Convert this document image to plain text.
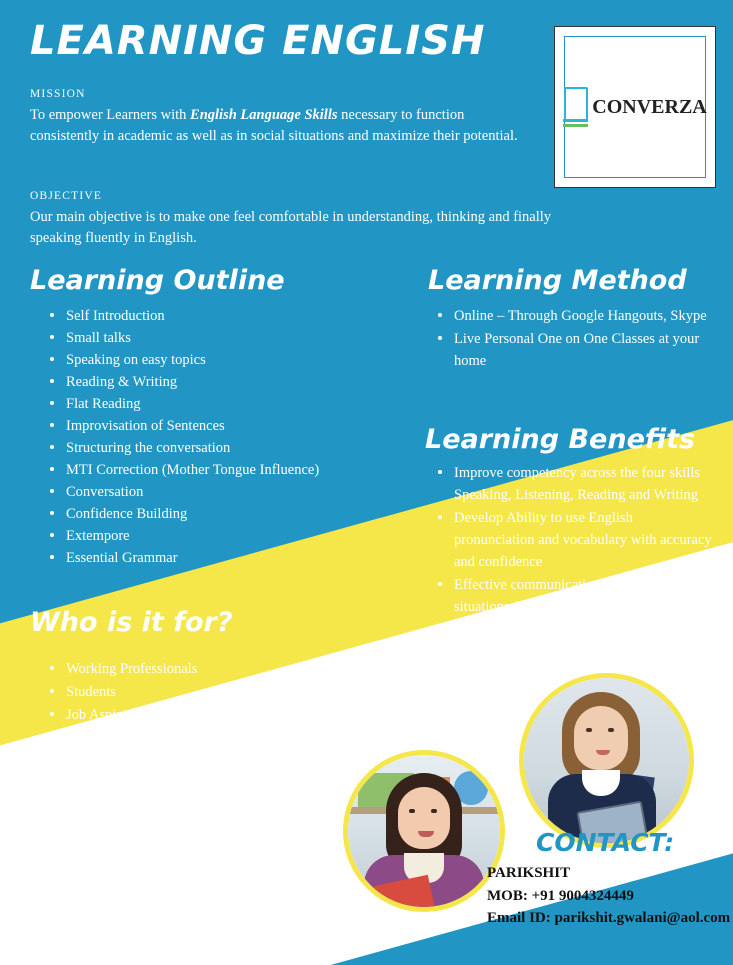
LEARNING ENGLISH
CONVERZA
MISSION
To empower Learners with English Language Skills necessary to function consistently in academic as well as in social situations and maximize their potential.
OBJECTIVE
Our main objective is to make one feel comfortable in understanding, thinking and finally speaking fluently in English.
Learning Outline
Self Introduction
Small talks
Speaking on easy topics
Reading & Writing
Flat Reading
Improvisation of Sentences
Structuring the conversation
MTI Correction (Mother Tongue Influence)
Conversation
Confidence Building
Extempore
Essential Grammar
Learning Method
Online – Through Google Hangouts, Skype
Live Personal One on One Classes at your home
Learning Benefits
Improve competency across the four skills Speaking, Listening, Reading and Writing
Develop Ability to use English pronunciation and vocabulary with accuracy and confidence
Effective communication in various situations (Formal and Informal
Polish your overall communication skills
Who is it for?
Working Professionals
Students
Job Aspirants (Domestic and International)
Housewives
CONTACT:
PARIKSHIT
MOB: +91 9004324449
Email ID: parikshit.gwalani@aol.com
